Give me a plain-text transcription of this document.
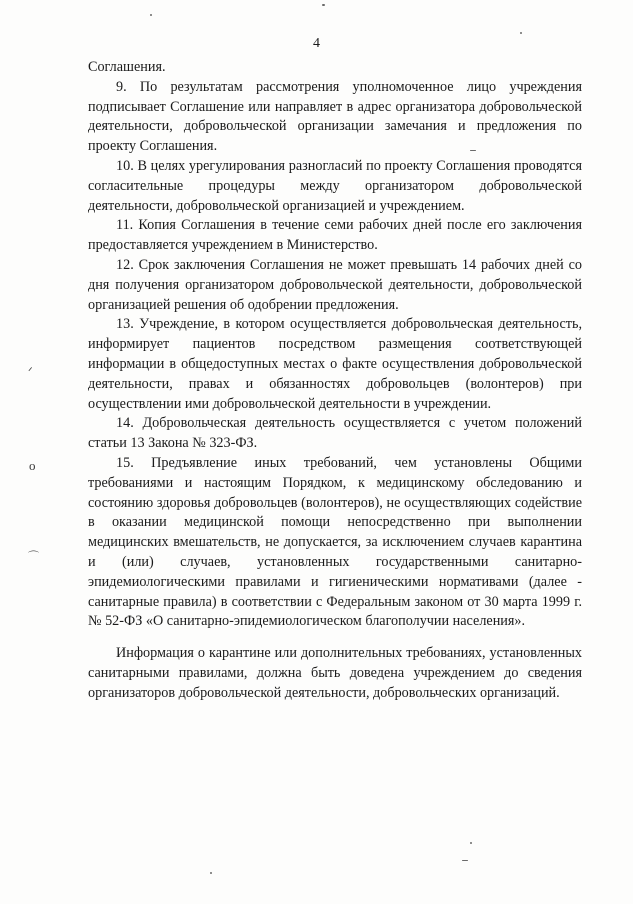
4

Соглашения.

9. По результатам рассмотрения уполномоченное лицо учреждения подписывает Соглашение или направляет в адрес организатора добровольческой деятельности, добровольческой организации замечания и предложения по проекту Соглашения.

10. В целях урегулирования разногласий по проекту Соглашения проводятся согласительные процедуры между организатором добровольческой деятельности, добровольческой организацией и учреждением.

11. Копия Соглашения в течение семи рабочих дней после его заключения предоставляется учреждением в Министерство.

12. Срок заключения Соглашения не может превышать 14 рабочих дней со дня получения организатором добровольческой деятельности, добровольческой организацией решения об одобрении предложения.

13. Учреждение, в котором осуществляется добровольческая деятельность, информирует пациентов посредством размещения соответствующей информации в общедоступных местах о факте осуществления добровольческой деятельности, правах и обязанностях добровольцев (волонтеров) при осуществлении ими добровольческой деятельности в учреждении.

14. Добровольческая деятельность осуществляется с учетом положений статьи 13 Закона № 323-ФЗ.

15. Предъявление иных требований, чем установлены Общими требованиями и настоящим Порядком, к медицинскому обследованию и состоянию здоровья добровольцев (волонтеров), не осуществляющих содействие в оказании медицинской помощи непосредственно при выполнении медицинских вмешательств, не допускается, за исключением случаев карантина и (или) случаев, установленных государственными санитарно-эпидемиологическими правилами и гигиеническими нормативами (далее - санитарные правила) в соответствии с Федеральным законом от 30 марта 1999 г. № 52-ФЗ «О санитарно-эпидемиологическом благополучии населения».

Информация о карантине или дополнительных требованиях, установленных санитарными правилами, должна быть доведена учреждением до сведения организаторов добровольческой деятельности, добровольческих организаций.

ᐟ
o
⌒
